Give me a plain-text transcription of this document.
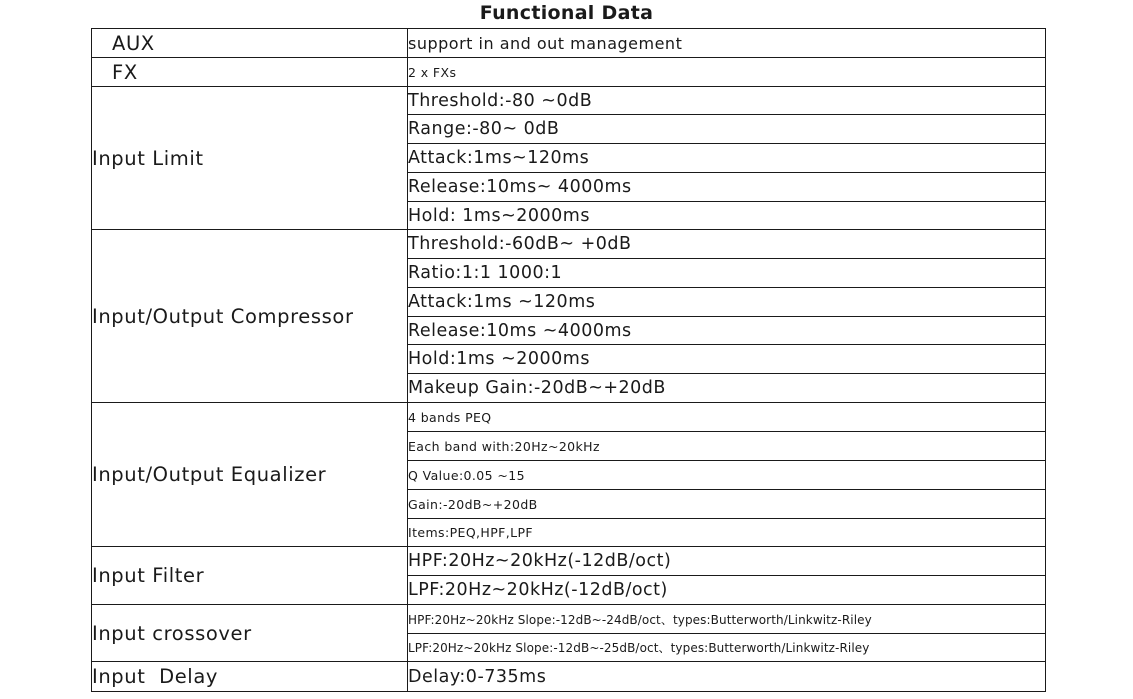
Functional Data
AUX	support in and out management
FX	2 x FXs
Input Limit	Threshold:-80 ~0dB
	Range:-80~ 0dB
	Attack:1ms~120ms
	Release:10ms~ 4000ms
	Hold: 1ms~2000ms
Input/Output Compressor	Threshold:-60dB~ +0dB
	Ratio:1:1 1000:1
	Attack:1ms ~120ms
	Release:10ms ~4000ms
	Hold:1ms ~2000ms
	Makeup Gain:-20dB~+20dB
Input/Output Equalizer	4 bands PEQ
	Each band with:20Hz~20kHz
	Q Value:0.05 ~15
	Gain:-20dB~+20dB
	Items:PEQ,HPF,LPF
Input Filter	HPF:20Hz~20kHz(-12dB/oct)
	LPF:20Hz~20kHz(-12dB/oct)
Input crossover	HPF:20Hz~20kHz Slope:-12dB~-24dB/oct、types:Butterworth/Linkwitz-Riley
	LPF:20Hz~20kHz Slope:-12dB~-25dB/oct、types:Butterworth/Linkwitz-Riley
Input  Delay	Delay:0-735ms
